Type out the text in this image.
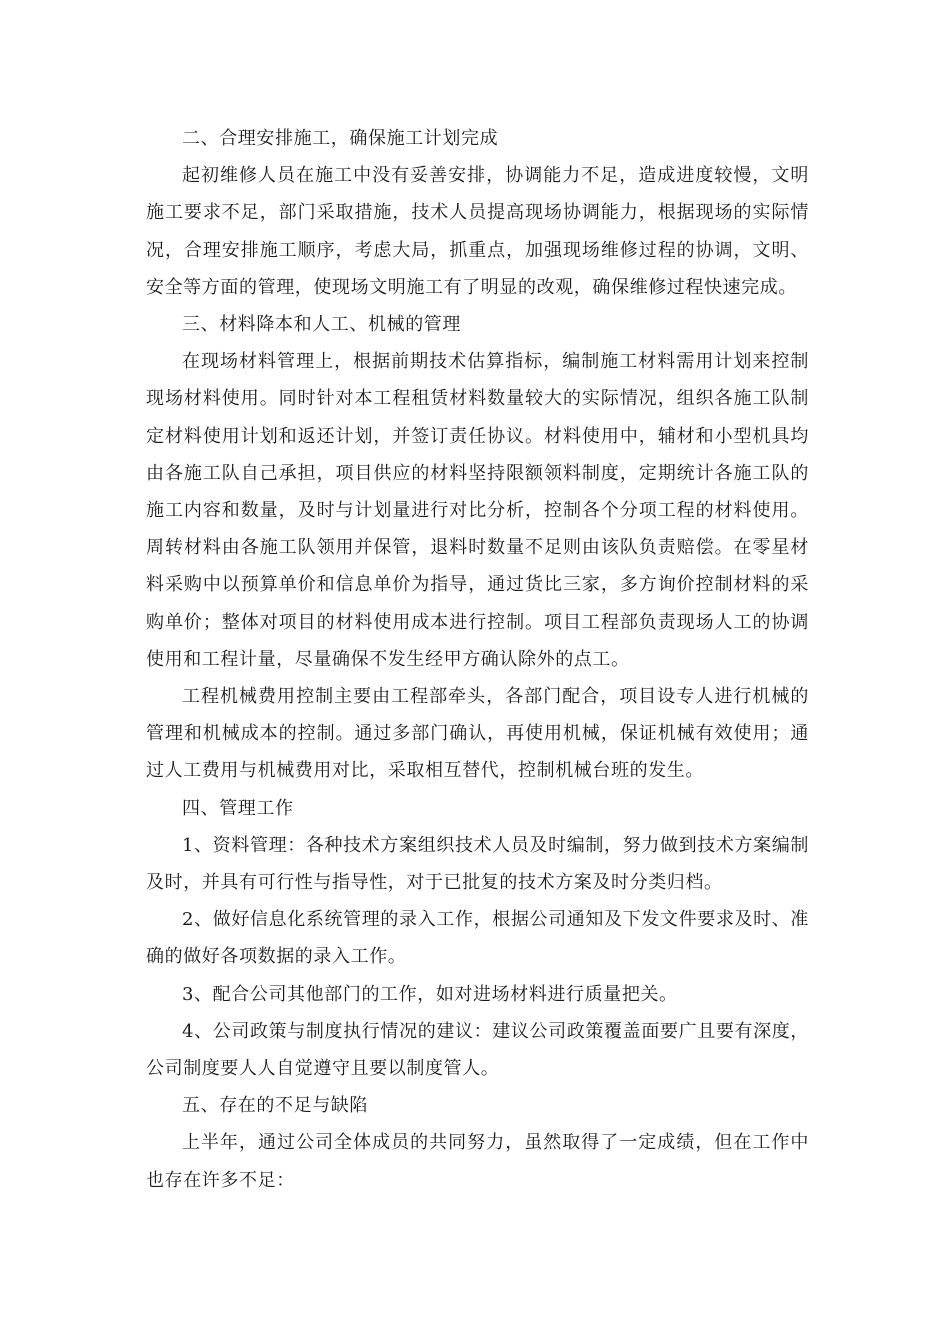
二、合理安排施工，确保施工计划完成

起初维修人员在施工中没有妥善安排，协调能力不足，造成进度较慢，文明施工要求不足，部门采取措施，技术人员提高现场协调能力，根据现场的实际情况，合理安排施工顺序，考虑大局，抓重点，加强现场维修过程的协调，文明、安全等方面的管理，使现场文明施工有了明显的改观，确保维修过程快速完成。

三、材料降本和人工、机械的管理

在现场材料管理上，根据前期技术估算指标，编制施工材料需用计划来控制现场材料使用。同时针对本工程租赁材料数量较大的实际情况，组织各施工队制定材料使用计划和返还计划，并签订责任协议。材料使用中，辅材和小型机具均由各施工队自己承担，项目供应的材料坚持限额领料制度，定期统计各施工队的施工内容和数量，及时与计划量进行对比分析，控制各个分项工程的材料使用。周转材料由各施工队领用并保管，退料时数量不足则由该队负责赔偿。在零星材料采购中以预算单价和信息单价为指导，通过货比三家，多方询价控制材料的采购单价；整体对项目的材料使用成本进行控制。项目工程部负责现场人工的协调使用和工程计量，尽量确保不发生经甲方确认除外的点工。

工程机械费用控制主要由工程部牵头，各部门配合，项目设专人进行机械的管理和机械成本的控制。通过多部门确认，再使用机械，保证机械有效使用；通过人工费用与机械费用对比，采取相互替代，控制机械台班的发生。

四、管理工作

1、资料管理：各种技术方案组织技术人员及时编制，努力做到技术方案编制及时，并具有可行性与指导性，对于已批复的技术方案及时分类归档。

2、做好信息化系统管理的录入工作，根据公司通知及下发文件要求及时、准确的做好各项数据的录入工作。

3、配合公司其他部门的工作，如对进场材料进行质量把关。

4、公司政策与制度执行情况的建议：建议公司政策覆盖面要广且要有深度，公司制度要人人自觉遵守且要以制度管人。

五、存在的不足与缺陷

上半年，通过公司全体成员的共同努力，虽然取得了一定成绩，但在工作中也存在许多不足：
